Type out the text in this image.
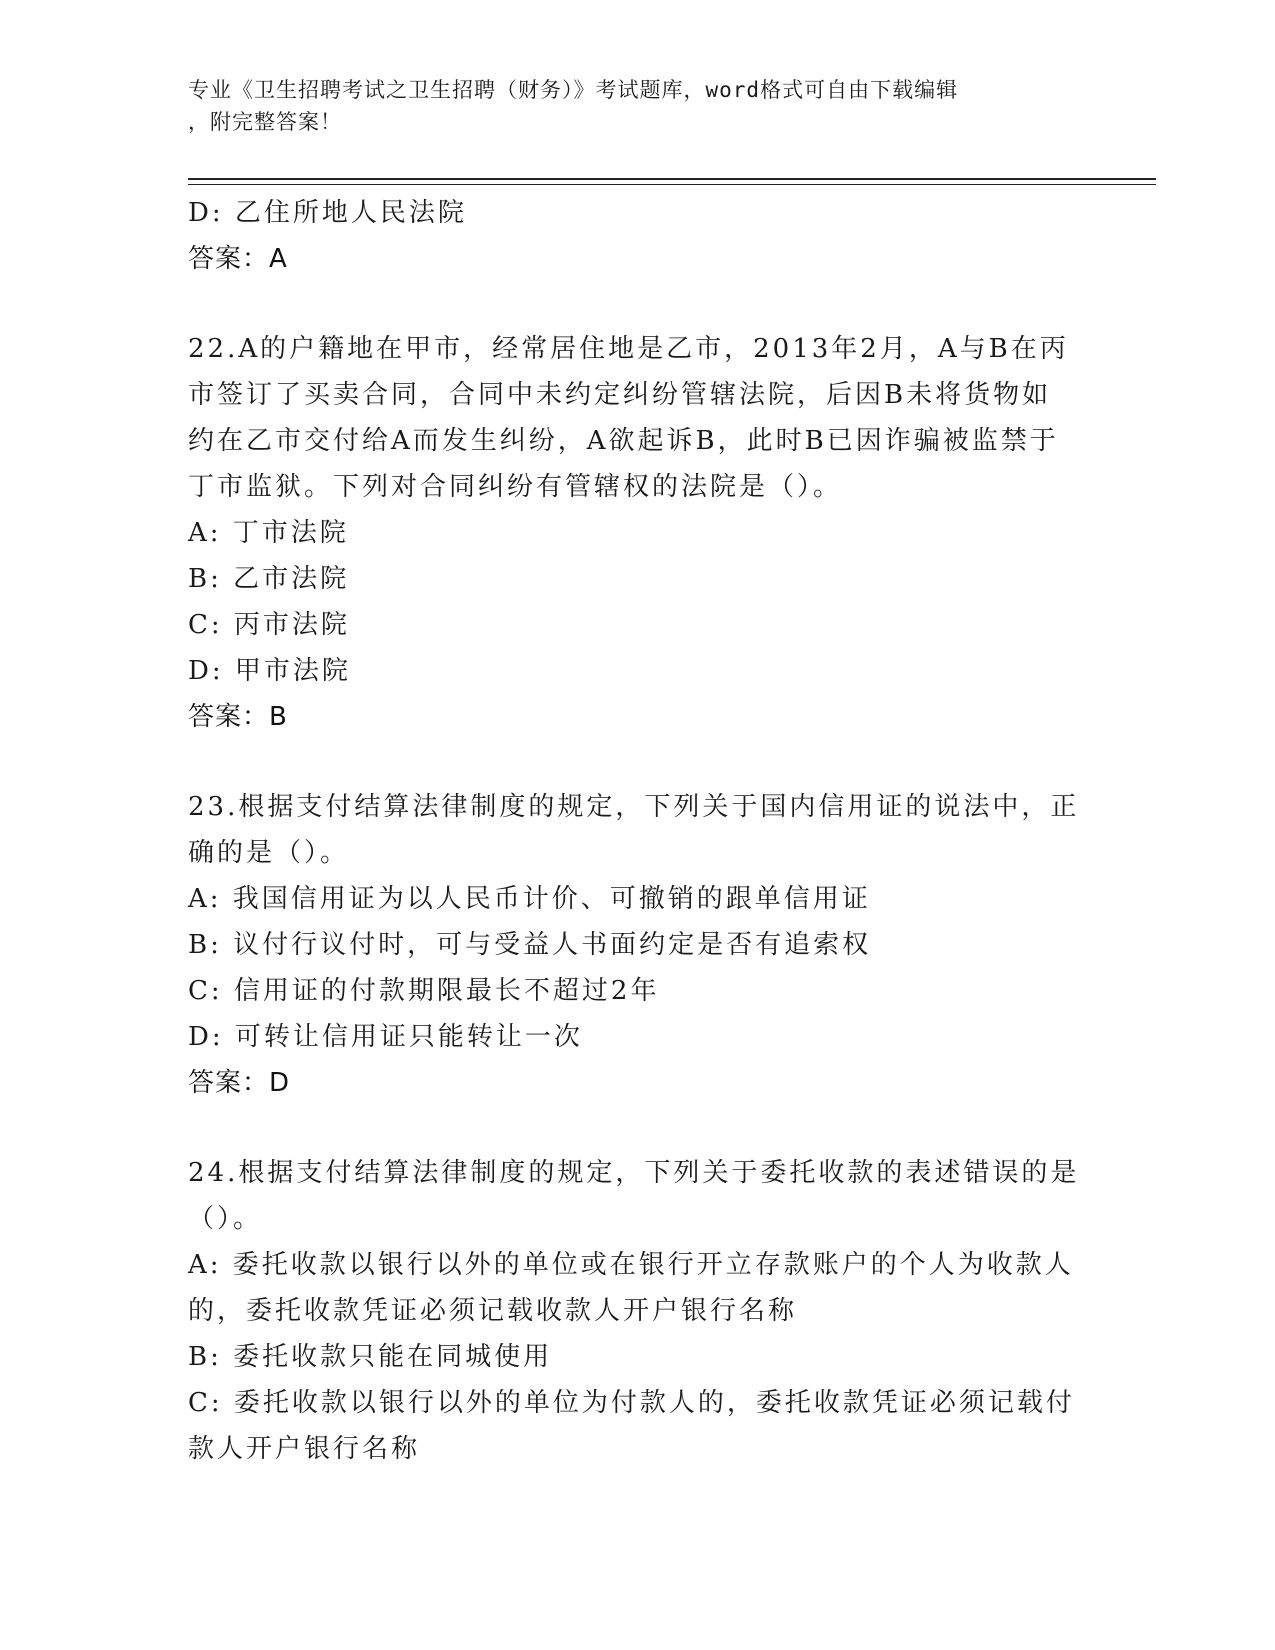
专业《卫生招聘考试之卫生招聘（财务）》考试题库，word格式可自由下载编辑
，附完整答案！
D: 乙住所地人民法院
答案：A
22.A的户籍地在甲市，经常居住地是乙市，2013年2月，A与B在丙
市签订了买卖合同，合同中未约定纠纷管辖法院，后因B未将货物如
约在乙市交付给A而发生纠纷，A欲起诉B，此时B已因诈骗被监禁于
丁市监狱。下列对合同纠纷有管辖权的法院是（）。
A: 丁市法院
B: 乙市法院
C: 丙市法院
D: 甲市法院
答案：B
23.根据支付结算法律制度的规定，下列关于国内信用证的说法中，正
确的是（）。
A: 我国信用证为以人民币计价、可撤销的跟单信用证
B: 议付行议付时，可与受益人书面约定是否有追索权
C: 信用证的付款期限最长不超过2年
D: 可转让信用证只能转让一次
答案：D
24.根据支付结算法律制度的规定，下列关于委托收款的表述错误的是
（）。
A: 委托收款以银行以外的单位或在银行开立存款账户的个人为收款人
的，委托收款凭证必须记载收款人开户银行名称
B: 委托收款只能在同城使用
C: 委托收款以银行以外的单位为付款人的，委托收款凭证必须记载付
款人开户银行名称
